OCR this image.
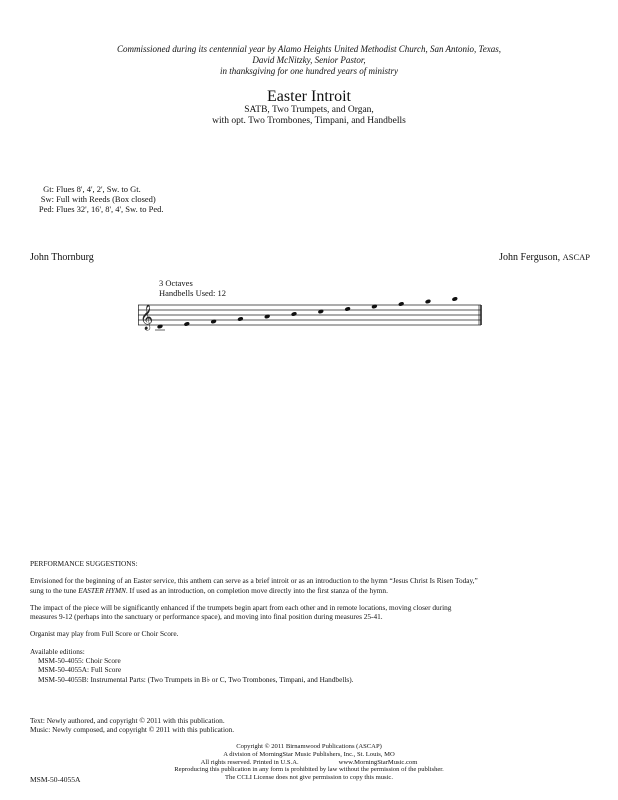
Commissioned during its centennial year by Alamo Heights United Methodist Church, San Antonio, Texas,
David McNitzky, Senior Pastor,
in thanksgiving for one hundred years of ministry
Easter Introit
SATB, Two Trumpets, and Organ,
with opt. Two Trombones, Timpani, and Handbells
Gt:
Flues 8', 4', 2', Sw. to Gt.
Sw:
Full with Reeds (Box closed)
Ped:
Flues 32', 16', 8', 4', Sw. to Ped.
John Thornburg	John Ferguson, ASCAP
3 Octaves
Handbells Used: 12
𝄞

PERFORMANCE SUGGESTIONS:

Envisioned for the beginning of an Easter service, this anthem can serve as a brief introit or as an introduction to the hymn “Jesus Christ Is Risen Today,”

sung to the tune EASTER HYMN. If used as an introduction, on completion move directly into the first stanza of the hymn.

The impact of the piece will be significantly enhanced if the trumpets begin apart from each other and in remote locations, moving closer during

measures 9-12 (perhaps into the sanctuary or performance space), and moving into final position during measures 25-41.

Organist may play from Full Score or Choir Score.

Available editions:

MSM-50-4055: Choir Score

MSM-50-4055A: Full Score

MSM-50-4055B: Instrumental Parts: (Two Trumpets in B♭ or C, Two Trombones, Timpani, and Handbells).

Text: Newly authored, and copyright © 2011 with this publication.
Music: Newly composed, and copyright © 2011 with this publication.
Copyright © 2011 Birnamwood Publications (ASCAP)
A division of MorningStar Music Publishers, Inc., St. Louis, MO
All rights reserved. Printed in U.S.A.	www.MorningStarMusic.com
Reproducing this publication in any form is prohibited by law without the permission of the publisher.
The CCLI License does not give permission to copy this music.
MSM-50-4055A
